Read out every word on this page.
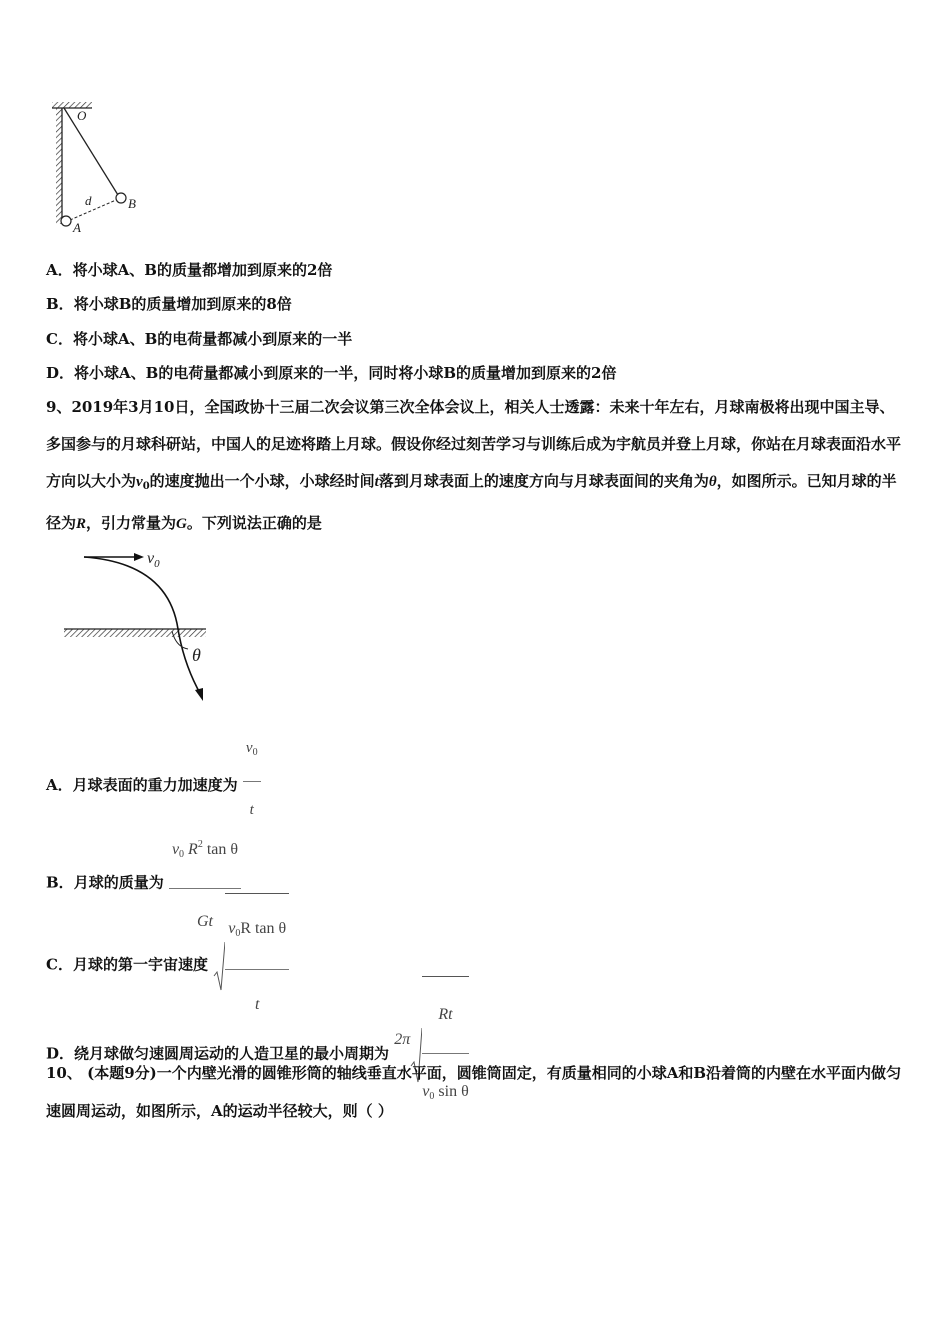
O
A
B
d
A．将小球A、B的质量都增加到原来的2倍
B．将小球B的质量增加到原来的8倍
C．将小球A、B的电荷量都减小到原来的一半
D．将小球A、B的电荷量都减小到原来的一半，同时将小球B的质量增加到原来的2倍
9、2019年3月10日，全国政协十三届二次会议第三次全体会议上，相关人士透露：未来十年左右，月球南极将出现中国主导、多国参与的月球科研站，中国人的足迹将踏上月球。假设你经过刻苦学习与训练后成为宇航员并登上月球，你站在月球表面沿水平方向以大小为$v_0$的速度抛出一个小球，小球经时间t落到月球表面上的速度方向与月球表面间的夹角为θ，如图所示。已知月球的半径为R，引力常量为G。下列说法正确的是
$v_0$
θ
A．月球表面的重力加速度为 $\frac{v_0}{t}$
B．月球的质量为 $\frac{v_0 R^2 \tan \theta}{Gt}$
C．月球的第一宇宙速度 $\frac{v_0R \tan \theta}{t}$
D．绕月球做匀速圆周运动的人造卫星的最小周期为 $2\pi \frac{Rt}{v_0 \sin \theta}$
10、 (本题9分)一个内壁光滑的圆锥形筒的轴线垂直水平面，圆锥筒固定，有质量相同的小球A和B沿着筒的内壁在水平面内做匀速圆周运动，如图所示，A的运动半径较大，则（ ）
